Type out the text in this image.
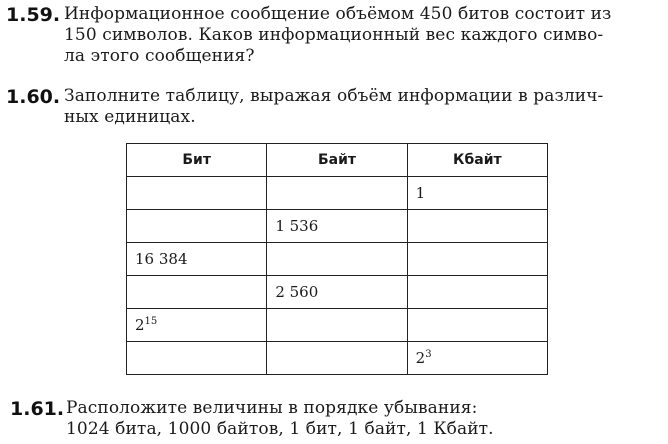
1.59. Информационное сообщение объёмом 450 битов состоит из
150 символов. Каков информационный вес каждого симво-
ла этого сообщения?
1.60. Заполните таблицу, выражая объём информации в различ-
ных единицах.
Бит	Байт	Кбайт
		1
	1 536	
16 384		
	2 560	
$2^{15}$		
		$2^3$
1.61. Расположите величины в порядке убывания:
1024 бита, 1000 байтов, 1 бит, 1 байт, 1 Кбайт.
